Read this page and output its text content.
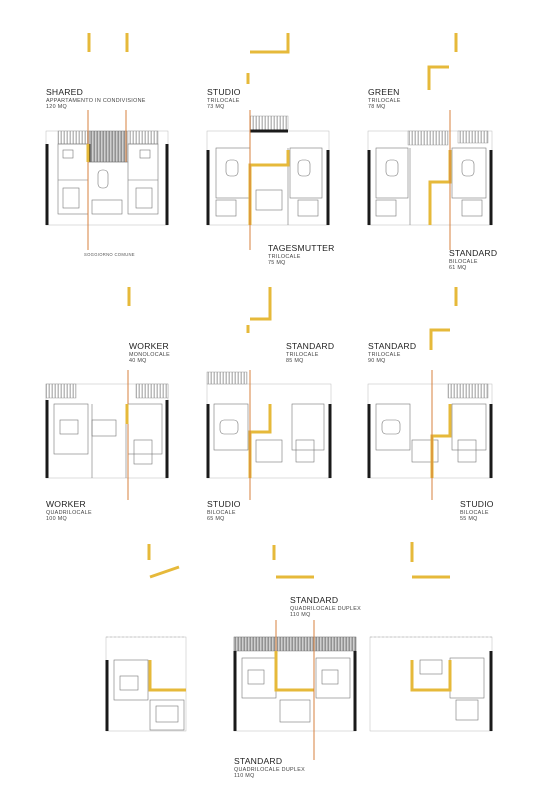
SHARED
APPARTAMENTO IN CONDIVISIONE
120 MQ
STUDIO
TRILOCALE
73 MQ
GREEN
TRILOCALE
78 MQ
TAGESMUTTER
TRILOCALE
75 MQ
STANDARD
BILOCALE
61 MQ
WORKER
MONOLOCALE
40 MQ
STANDARD
TRILOCALE
85 MQ
STANDARD
TRILOCALE
90 MQ
WORKER
QUADRILOCALE
100 MQ
STUDIO
BILOCALE
65 MQ
STUDIO
BILOCALE
55 MQ
STANDARD
QUADRILOCALE DUPLEX
110 MQ
STANDARD
QUADRILOCALE DUPLEX
110 MQ
SOGGIORNO COMUNE
